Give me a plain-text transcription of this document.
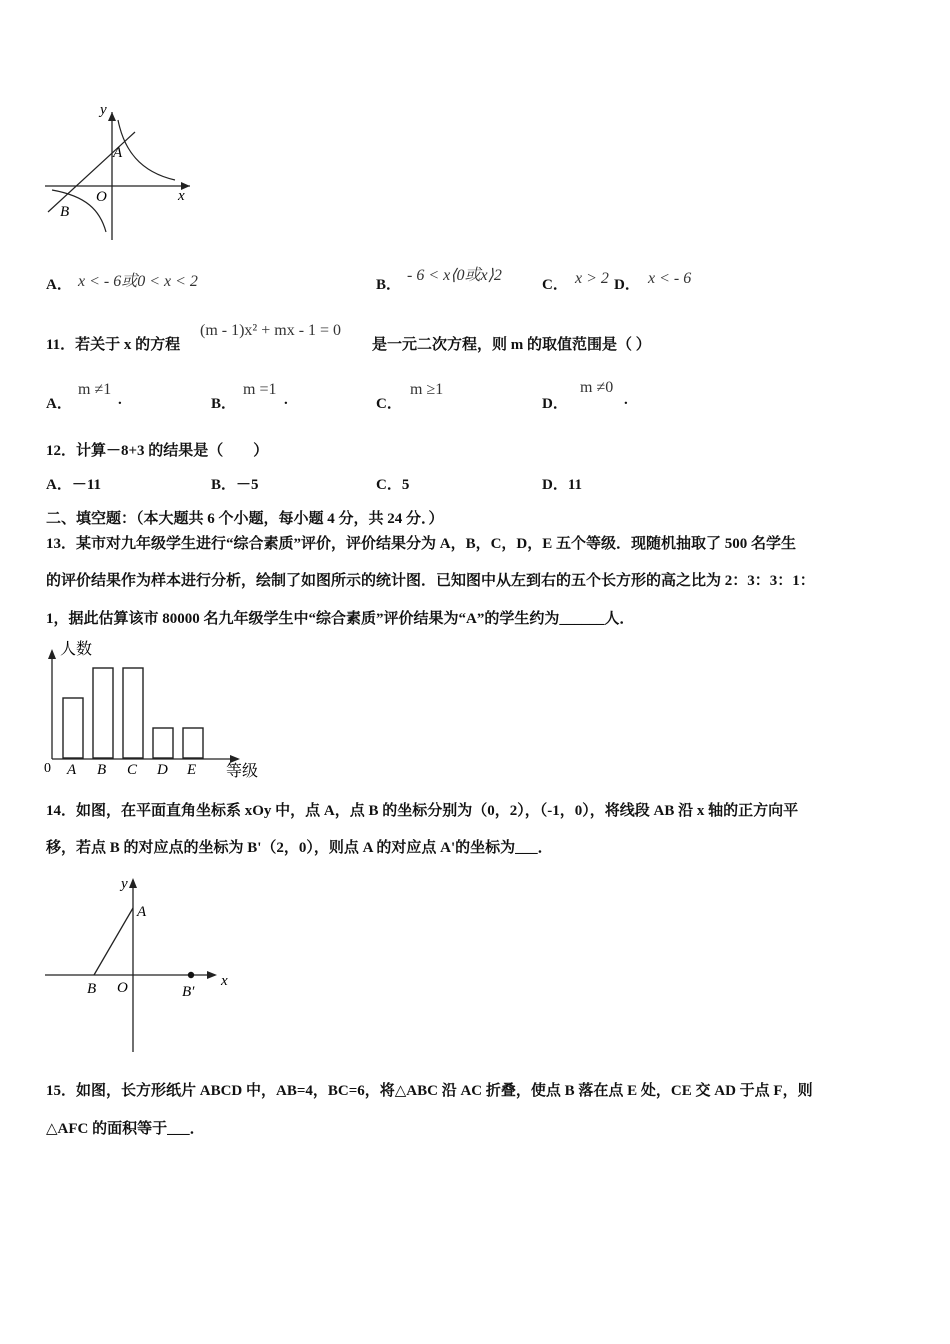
y
x
O
A
B
A． x < - 6或0 < x < 2	B．
- 6 < x⟨0或x⟩2
C． x > 2 D． x < - 6
11．若关于 x 的方程
(m - 1)x² + mx - 1 = 0
是一元二次方程，则 m 的取值范围是（ ）
A．
m ≠1
.	B．
m =1
.	C．
m ≥1
D．
m ≠0
.
12．计算－8+3 的结果是（　　）
A．－11	B．－5	C．5	D．11
二、填空题：（本大题共 6 个小题，每小题 4 分，共 24 分．）
13．某市对九年级学生进行“综合素质”评价，评价结果分为 A，B，C，D，E 五个等级．现随机抽取了 500 名学生
的评价结果作为样本进行分析，绘制了如图所示的统计图．已知图中从左到右的五个长方形的高之比为 2：3：3：1：
1，据此估算该市 80000 名九年级学生中“综合素质”评价结果为“A”的学生约为______人．
人数
等级
0 A B C D E
14．如图，在平面直角坐标系 xOy 中，点 A，点 B 的坐标分别为（0，2），（-1，0），将线段 AB 沿 x 轴的正方向平
移，若点 B 的对应点的坐标为 B'（2，0），则点 A 的对应点 A'的坐标为___．
y
x
O
A
B	B′
15．如图，长方形纸片 ABCD 中，AB=4，BC=6，将△ABC 沿 AC 折叠，使点 B 落在点 E 处，CE 交 AD 于点 F，则
△AFC 的面积等于___．
